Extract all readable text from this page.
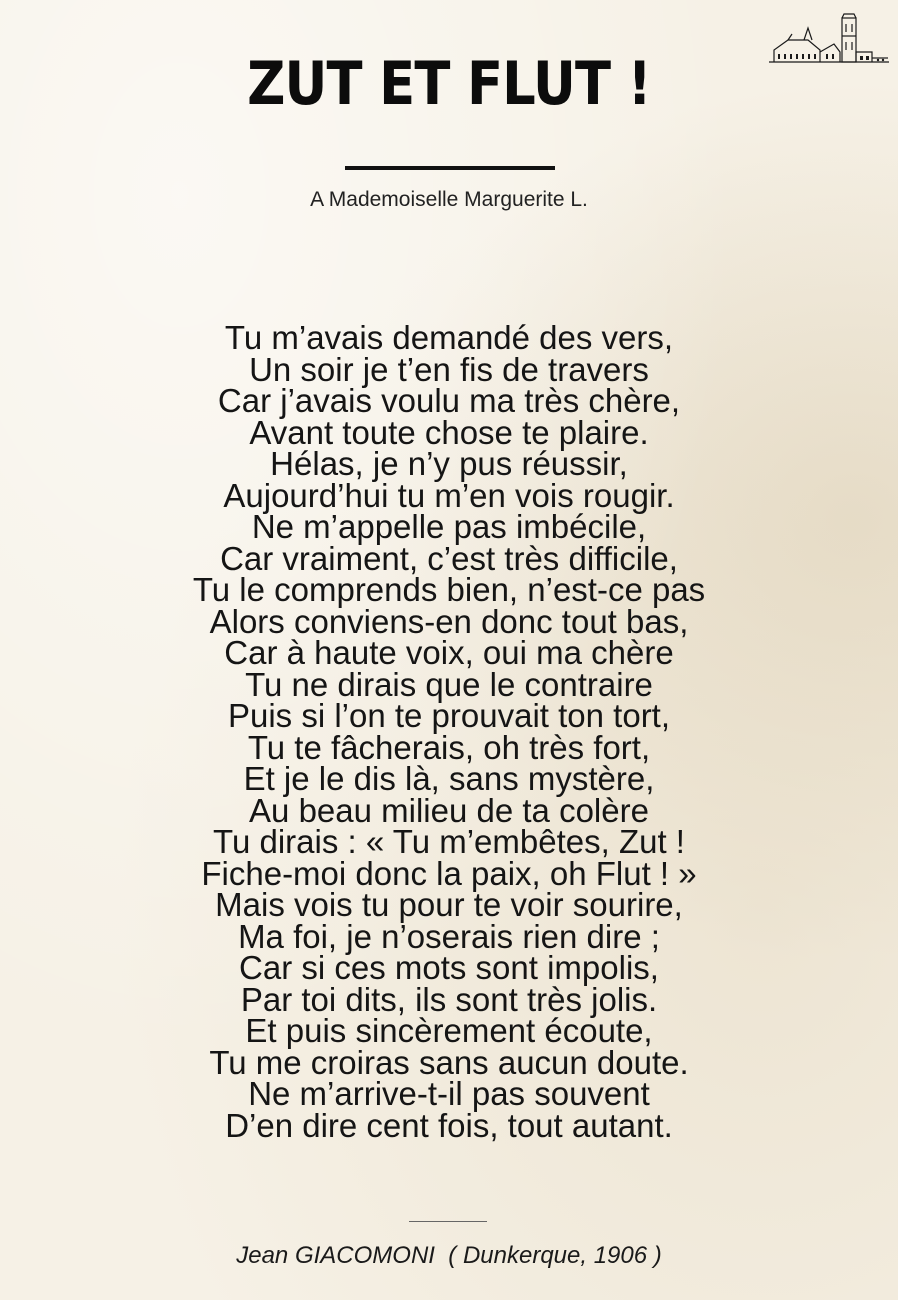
ZUT ET FLUT !
A Mademoiselle Marguerite L.
Tu m’avais demandé des vers,
Un soir je t’en fis de travers
Car j’avais voulu ma très chère,
Avant toute chose te plaire.
Hélas, je n’y pus réussir,
Aujourd’hui tu m’en vois rougir.
Ne m’appelle pas imbécile,
Car vraiment, c’est très difficile,
Tu le comprends bien, n’est-ce pas
Alors conviens-en donc tout bas,
Car à haute voix, oui ma chère
Tu ne dirais que le contraire
Puis si l’on te prouvait ton tort,
Tu te fâcherais, oh très fort,
Et je le dis là, sans mystère,
Au beau milieu de ta colère
Tu dirais : « Tu m’embêtes, Zut !
Fiche-moi donc la paix, oh Flut ! »
Mais vois tu pour te voir sourire,
Ma foi, je n’oserais rien dire ;
Car si ces mots sont impolis,
Par toi dits, ils sont très jolis.
Et puis sincèrement écoute,
Tu me croiras sans aucun doute.
Ne m’arrive-t-il pas souvent
D’en dire cent fois, tout autant.
Jean GIACOMONI  ( Dunkerque, 1906 )
